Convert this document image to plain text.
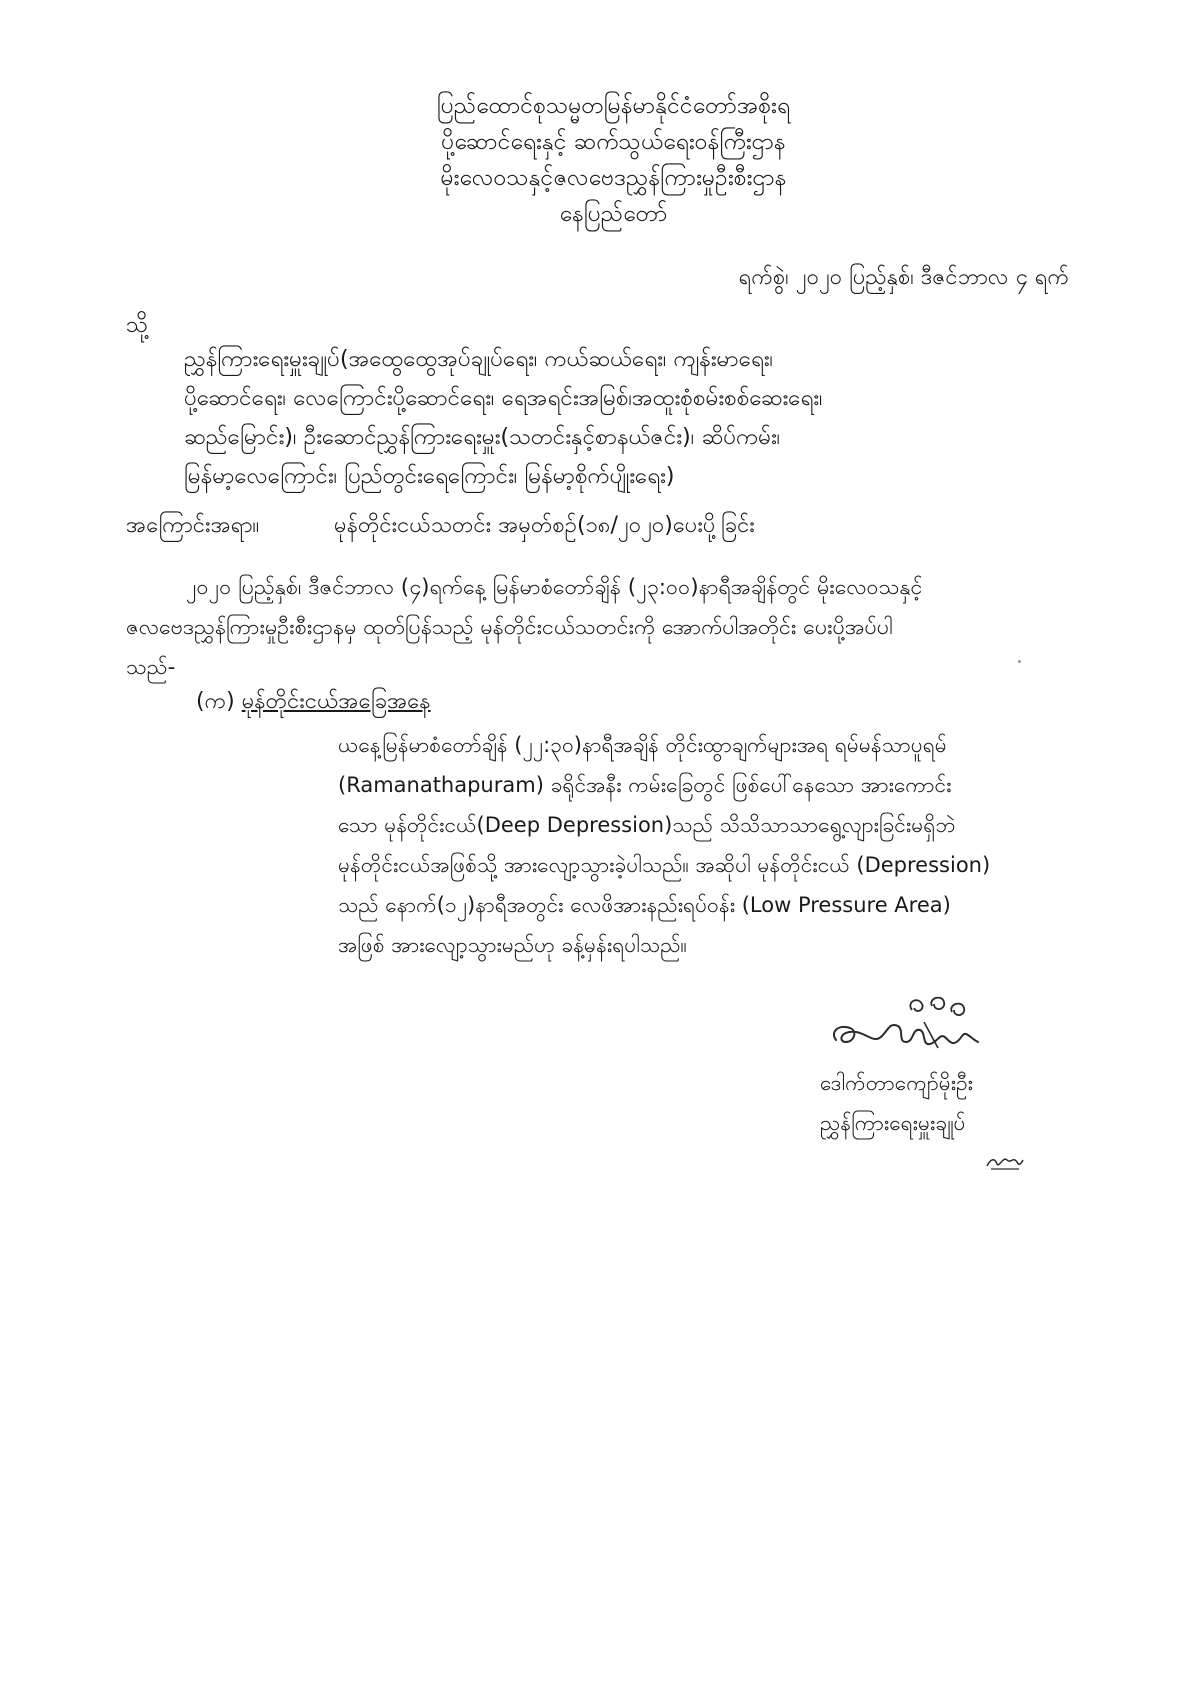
ပြည်ထောင်စုသမ္မတမြန်မာနိုင်ငံတော်အစိုးရ
ပို့ဆောင်ရေးနှင့် ဆက်သွယ်ရေးဝန်ကြီးဌာန
မိုးလေဝသနှင့်ဇလဗေဒညွှန်ကြားမှုဦးစီးဌာန
နေပြည်တော်
ရက်စွဲ၊ ၂၀၂၀ ပြည့်နှစ်၊ ဒီဇင်ဘာလ ၄ ရက်
သို့
ညွှန်ကြားရေးမှူးချုပ်(အထွေထွေအုပ်ချုပ်ရေး၊ ကယ်ဆယ်ရေး၊ ကျန်းမာရေး၊
ပို့ဆောင်ရေး၊ လေကြောင်းပို့ဆောင်ရေး၊ ရေအရင်းအမြစ်၊အထူးစုံစမ်းစစ်ဆေးရေး၊
ဆည်မြောင်း)၊ ဦးဆောင်ညွှန်ကြားရေးမှူး(သတင်းနှင့်စာနယ်ဇင်း)၊ ဆိပ်ကမ်း၊
မြန်မာ့လေကြောင်း၊ ပြည်တွင်းရေကြောင်း၊ မြန်မာ့စိုက်ပျိုးရေး)
အကြောင်းအရာ။	မုန်တိုင်းငယ်သတင်း အမှတ်စဉ်(၁၈/၂၀၂၀)ပေးပို့ခြင်း
၂၀၂၀ ပြည့်နှစ်၊ ဒီဇင်ဘာလ (၄)ရက်နေ့ မြန်မာစံတော်ချိန် (၂၃:၀၀)နာရီအချိန်တွင် မိုးလေဝသနှင့်
ဇလဗေဒညွှန်ကြားမှုဦးစီးဌာနမှ ထုတ်ပြန်သည့် မုန်တိုင်းငယ်သတင်းကို အောက်ပါအတိုင်း ပေးပို့အပ်ပါ
သည်-
(က) မုန်တိုင်းငယ်အခြေအနေ
ယနေ့မြန်မာစံတော်ချိန် (၂၂:၃၀)နာရီအချိန် တိုင်းထွာချက်များအရ ရမ်မန်သာပူရမ်
(Ramanathapuram) ခရိုင်အနီး ကမ်းခြေတွင် ဖြစ်ပေါ်နေသော အားကောင်း
သော မုန်တိုင်းငယ်(Deep Depression)သည် သိသိသာသာရွေ့လျားခြင်းမရှိဘဲ
မုန်တိုင်းငယ်အဖြစ်သို့ အားလျော့သွားခဲ့ပါသည်။ အဆိုပါ မုန်တိုင်းငယ် (Depression)
သည် နောက်(၁၂)နာရီအတွင်း လေဖိအားနည်းရပ်ဝန်း (Low Pressure Area)
အဖြစ် အားလျော့သွားမည်ဟု ခန့်မှန်းရပါသည်။
ဒေါက်တာကျော်မိုးဦး
ညွှန်ကြားရေးမှူးချုပ်
